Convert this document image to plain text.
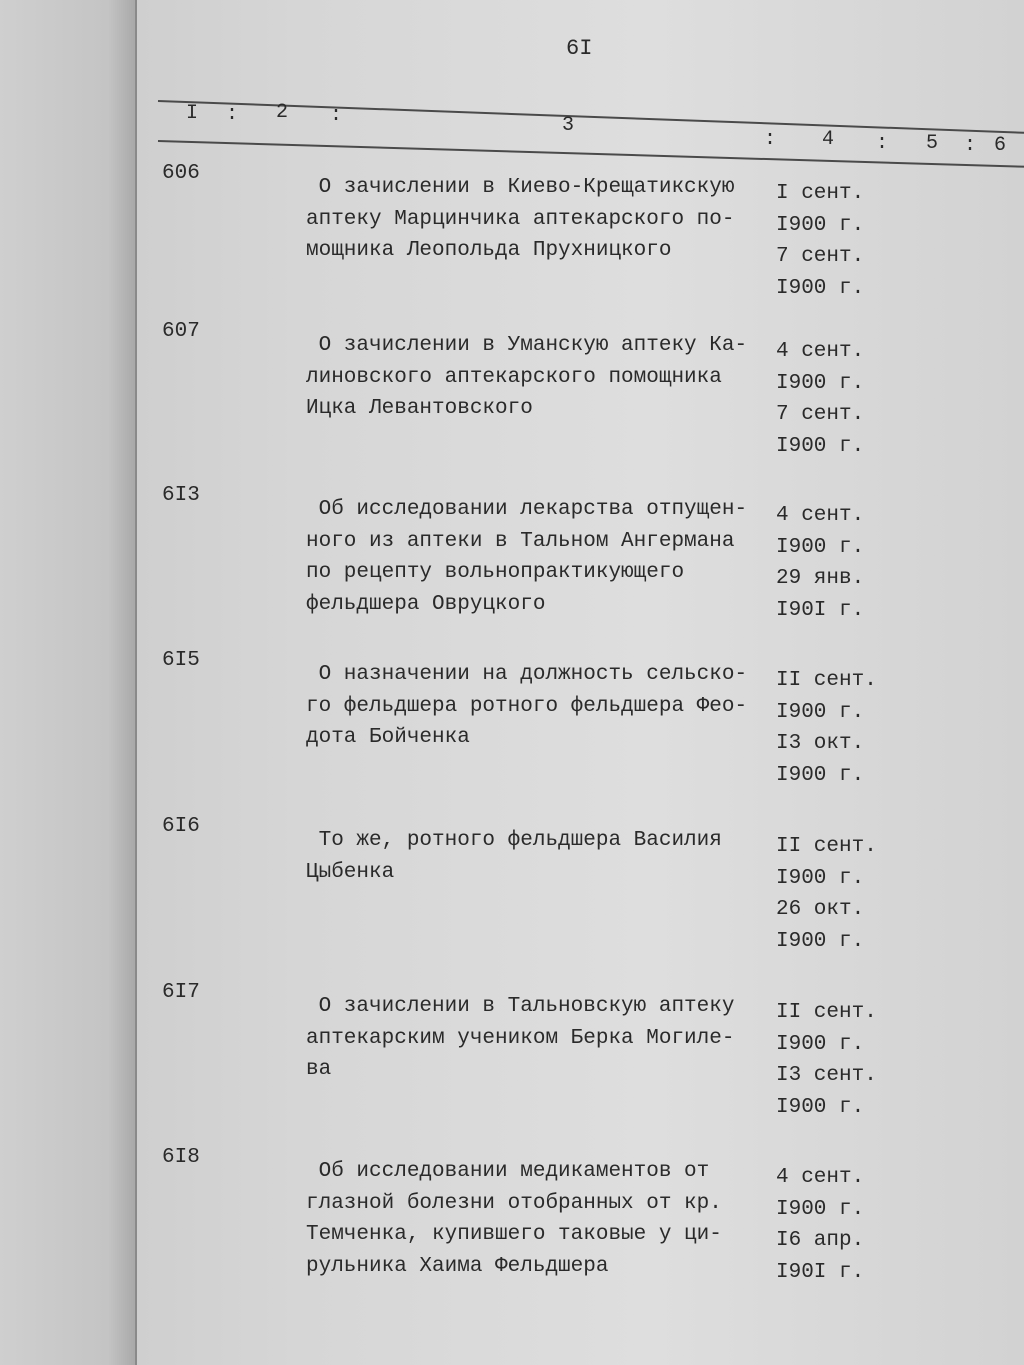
6I
I : 2 :	3
: 4 : 5 : 6
606
О зачислении в Киево-Крещатикскую
аптеку Марцинчика аптекарского по-
мощника Леопольда Прухницкого
I сент.
I900 г.
7 сент.
I900 г.
607
О зачислении в Уманскую аптеку Ка-
линовского аптекарского помощника
Ицка Левантовского
4 сент.
I900 г.
7 сент.
I900 г.
6I3
Об исследовании лекарства отпущен-
ного из аптеки в Тальном Ангермана
по рецепту вольнопрактикующего
фельдшера Овруцкого
4 сент.
I900 г.
29 янв.
I90I г.
6I5
О назначении на должность сельско-
го фельдшера ротного фельдшера Фео-
дота Бойченка
II сент.
I900 г.
I3 окт.
I900 г.
6I6
То же, ротного фельдшера Василия
Цыбенка
II сент.
I900 г.
26 окт.
I900 г.
6I7
О зачислении в Тальновскую аптеку
аптекарским учеником Берка Могиле-
ва
II сент.
I900 г.
I3 сент.
I900 г.
6I8
Об исследовании медикаментов от
глазной болезни отобранных от кр.
Темченка, купившего таковые у ци-
рульника Хаима Фельдшера
4 сент.
I900 г.
I6 апр.
I90I г.
